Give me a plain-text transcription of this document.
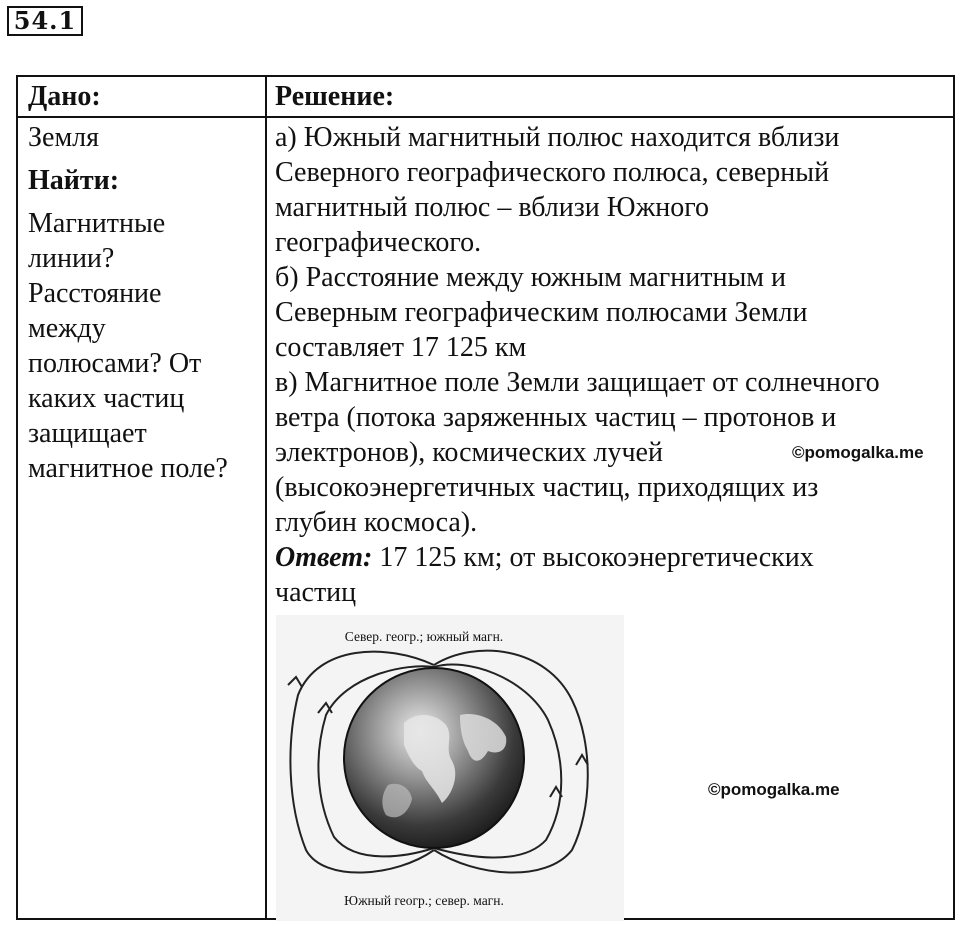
54.1
Дано:
Земля
Найти:
Магнитные
линии?
Расстояние
между
полюсами? От
каких частиц
защищает
магнитное поле?
Решение:
а) Южный магнитный полюс находится вблизи
Северного географического полюса, северный
магнитный полюс – вблизи Южного
географического.
б) Расстояние между южным магнитным и
Северным географическим полюсами Земли
составляет 17 125 км
в) Магнитное поле Земли защищает от солнечного
ветра (потока заряженных частиц – протонов и
электронов), космических лучей
(высокоэнергетичных частиц, приходящих из
глубин космоса).
Ответ: 17 125 км; от высокоэнергетических
частиц
©pomogalka.me
©pomogalka.me
Север. геогр.; южный магн.
Южный геогр.; север. магн.
